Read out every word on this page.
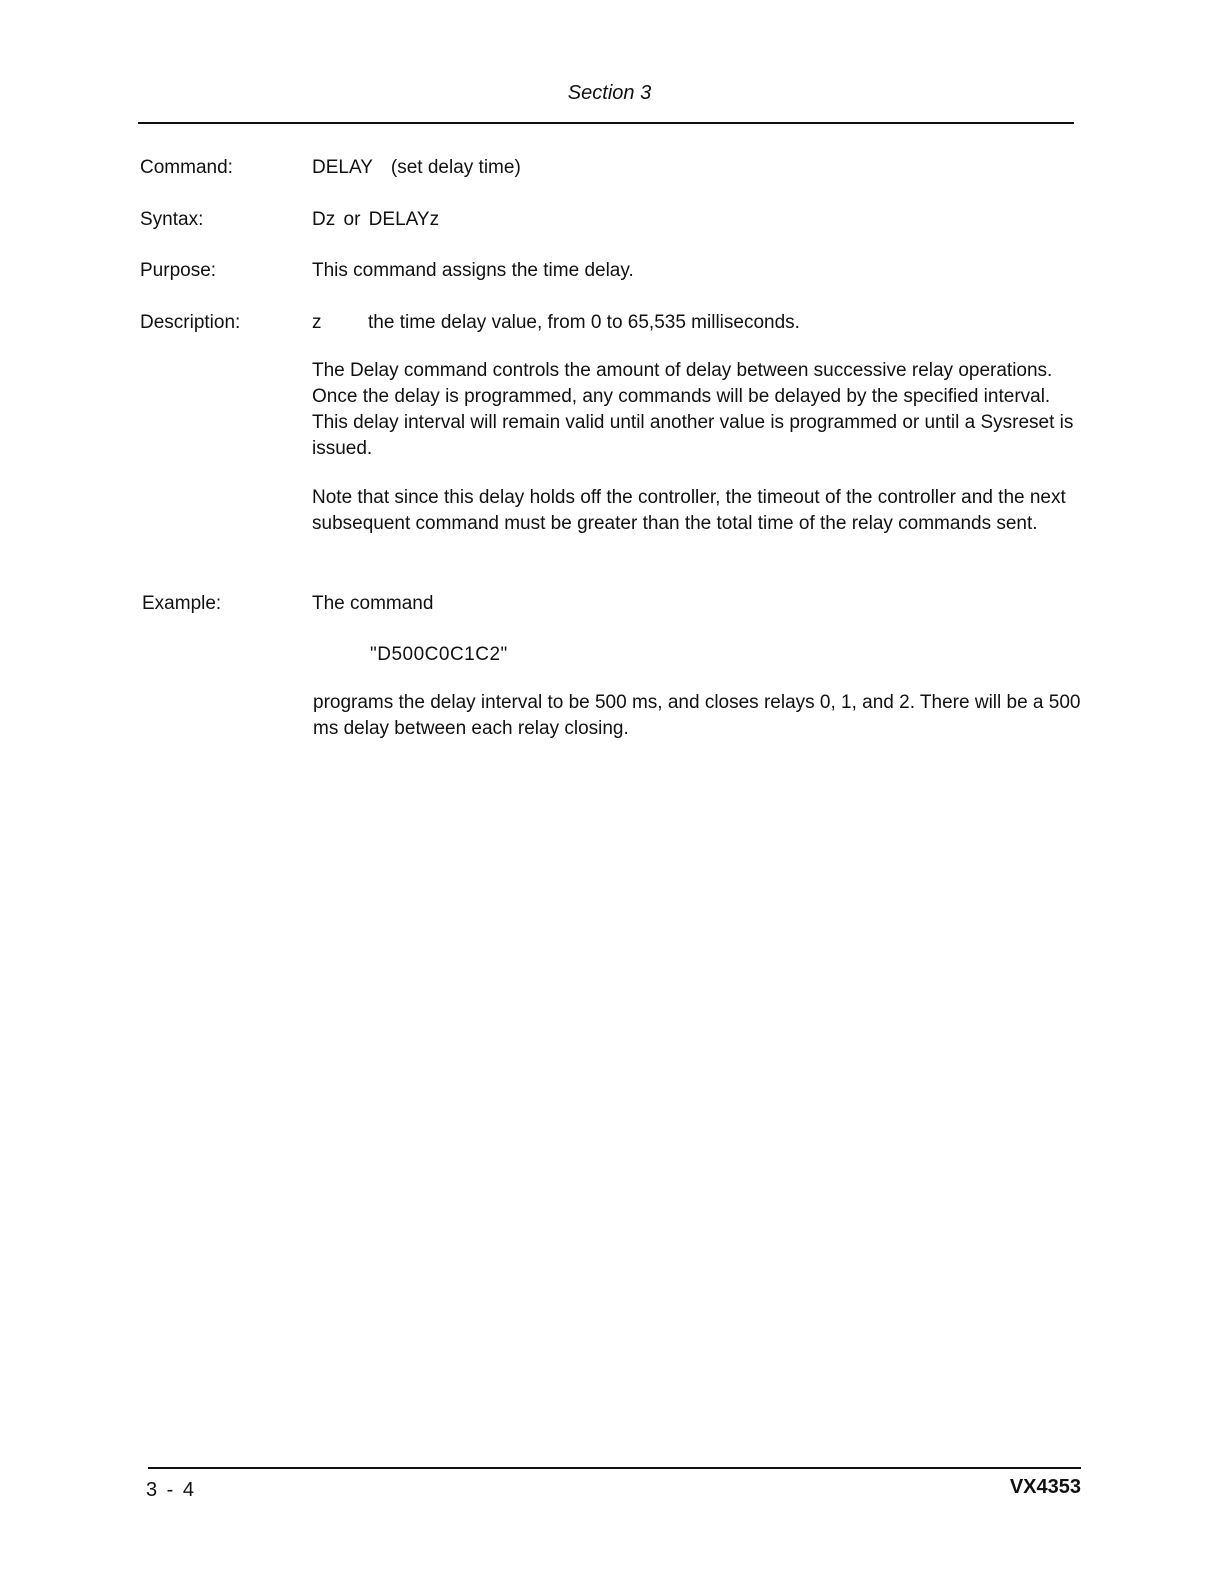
Section 3
Command:	DELAY (set delay time)
Syntax:	Dz or DELAYz
Purpose:	This command assigns the time delay.
Description:	z the time delay value, from 0 to 65,535 milliseconds.
The Delay command controls the amount of delay between successive relay operations. Once the delay is programmed, any commands will be delayed by the specified interval. This delay interval will remain valid until another value is programmed or until a Sysreset is issued.
Note that since this delay holds off the controller, the timeout of the controller and the next subsequent command must be greater than the total time of the relay commands sent.
Example:	The command
"D500C0C1C2"
programs the delay interval to be 500 ms, and closes relays 0, 1, and 2. There will be a 500 ms delay between each relay closing.
3 - 4	VX4353
